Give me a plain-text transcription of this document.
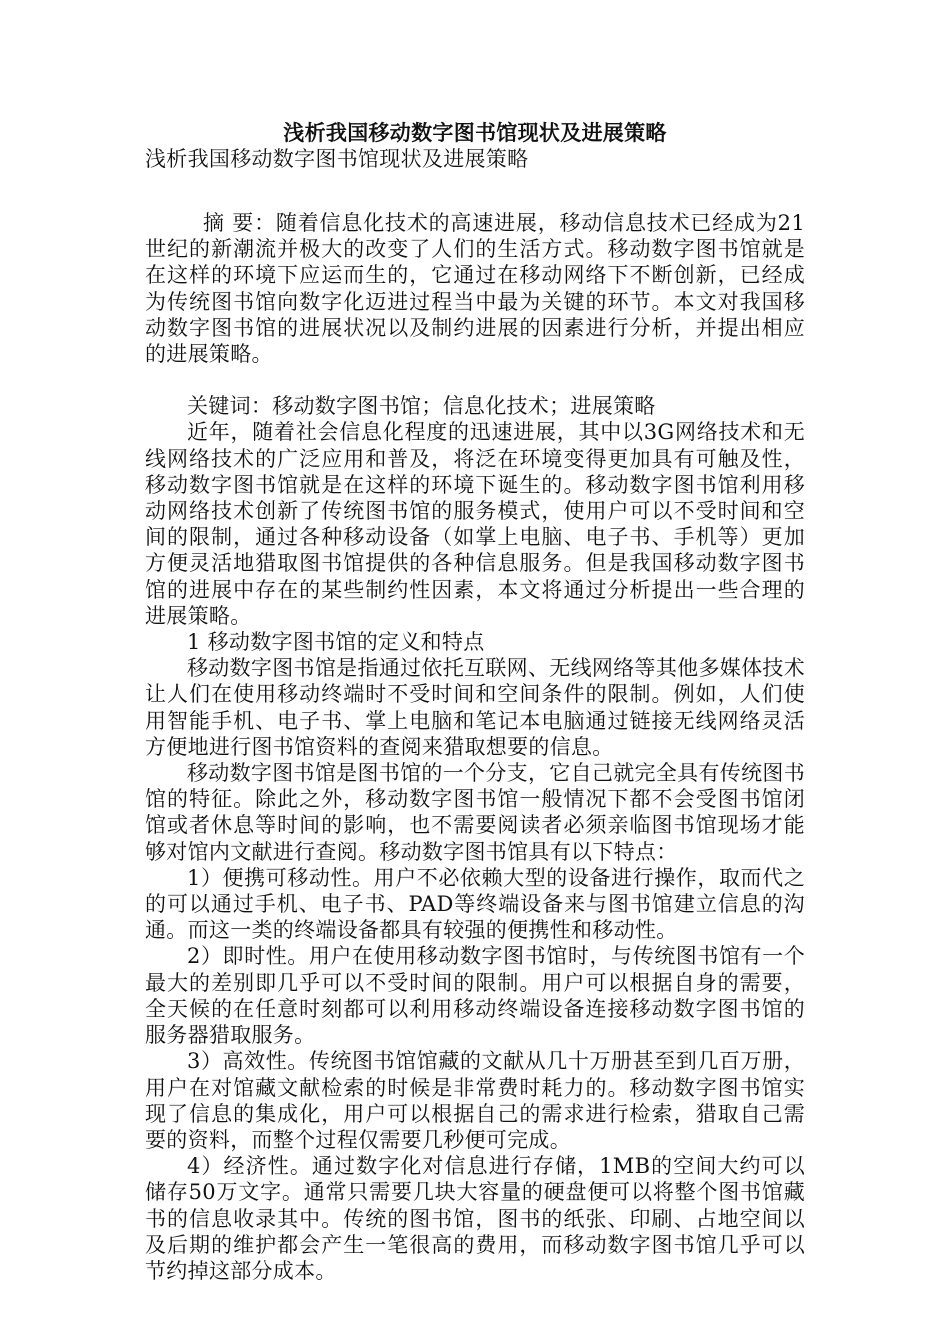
浅析我国移动数字图书馆现状及进展策略
浅析我国移动数字图书馆现状及进展策略

摘 要：随着信息化技术的高速进展，移动信息技术已经成为21世纪的新潮流并极大的改变了人们的生活方式。移动数字图书馆就是在这样的环境下应运而生的，它通过在移动网络下不断创新，已经成为传统图书馆向数字化迈进过程当中最为关键的环节。本文对我国移动数字图书馆的进展状况以及制约进展的因素进行分析，并提出相应的进展策略。

关键词：移动数字图书馆；信息化技术；进展策略

近年，随着社会信息化程度的迅速进展，其中以3G网络技术和无线网络技术的广泛应用和普及，将泛在环境变得更加具有可触及性，移动数字图书馆就是在这样的环境下诞生的。移动数字图书馆利用移动网络技术创新了传统图书馆的服务模式，使用户可以不受时间和空间的限制，通过各种移动设备（如掌上电脑、电子书、手机等）更加方便灵活地猎取图书馆提供的各种信息服务。但是我国移动数字图书馆的进展中存在的某些制约性因素，本文将通过分析提出一些合理的进展策略。

1 移动数字图书馆的定义和特点

移动数字图书馆是指通过依托互联网、无线网络等其他多媒体技术让人们在使用移动终端时不受时间和空间条件的限制。例如，人们使用智能手机、电子书、掌上电脑和笔记本电脑通过链接无线网络灵活方便地进行图书馆资料的查阅来猎取想要的信息。

移动数字图书馆是图书馆的一个分支，它自己就完全具有传统图书馆的特征。除此之外，移动数字图书馆一般情况下都不会受图书馆闭馆或者休息等时间的影响，也不需要阅读者必须亲临图书馆现场才能够对馆内文献进行查阅。移动数字图书馆具有以下特点：

1）便携可移动性。用户不必依赖大型的设备进行操作，取而代之的可以通过手机、电子书、PAD等终端设备来与图书馆建立信息的沟通。而这一类的终端设备都具有较强的便携性和移动性。

2）即时性。用户在使用移动数字图书馆时，与传统图书馆有一个最大的差别即几乎可以不受时间的限制。用户可以根据自身的需要，全天候的在任意时刻都可以利用移动终端设备连接移动数字图书馆的服务器猎取服务。

3）高效性。传统图书馆馆藏的文献从几十万册甚至到几百万册，用户在对馆藏文献检索的时候是非常费时耗力的。移动数字图书馆实现了信息的集成化，用户可以根据自己的需求进行检索，猎取自己需要的资料，而整个过程仅需要几秒便可完成。

4）经济性。通过数字化对信息进行存储，1MB的空间大约可以储存50万文字。通常只需要几块大容量的硬盘便可以将整个图书馆藏书的信息收录其中。传统的图书馆，图书的纸张、印刷、占地空间以及后期的维护都会产生一笔很高的费用，而移动数字图书馆几乎可以节约掉这部分成本。
